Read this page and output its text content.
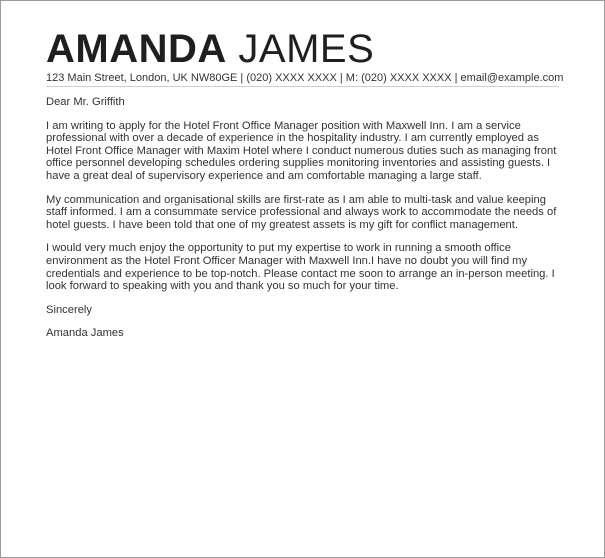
AMANDA JAMES
123 Main Street, London, UK NW80GE | (020) XXXX XXXX | M: (020) XXXX XXXX | email@example.com

Dear Mr. Griffith

I am writing to apply for the Hotel Front Office Manager position with Maxwell Inn. I am a service professional with over a decade of experience in the hospitality industry. I am currently employed as Hotel Front Office Manager with Maxim Hotel where I conduct numerous duties such as managing front office personnel developing schedules ordering supplies monitoring inventories and assisting guests. I have a great deal of supervisory experience and am comfortable managing a large staff.

My communication and organisational skills are first-rate as I am able to multi-task and value keeping staff informed. I am a consummate service professional and always work to accommodate the needs of hotel guests. I have been told that one of my greatest assets is my gift for conflict management.

I would very much enjoy the opportunity to put my expertise to work in running a smooth office environment as the Hotel Front Officer Manager with Maxwell Inn.I have no doubt you will find my credentials and experience to be top-notch. Please contact me soon to arrange an in-person meeting. I look forward to speaking with you and thank you so much for your time.

Sincerely

Amanda James
